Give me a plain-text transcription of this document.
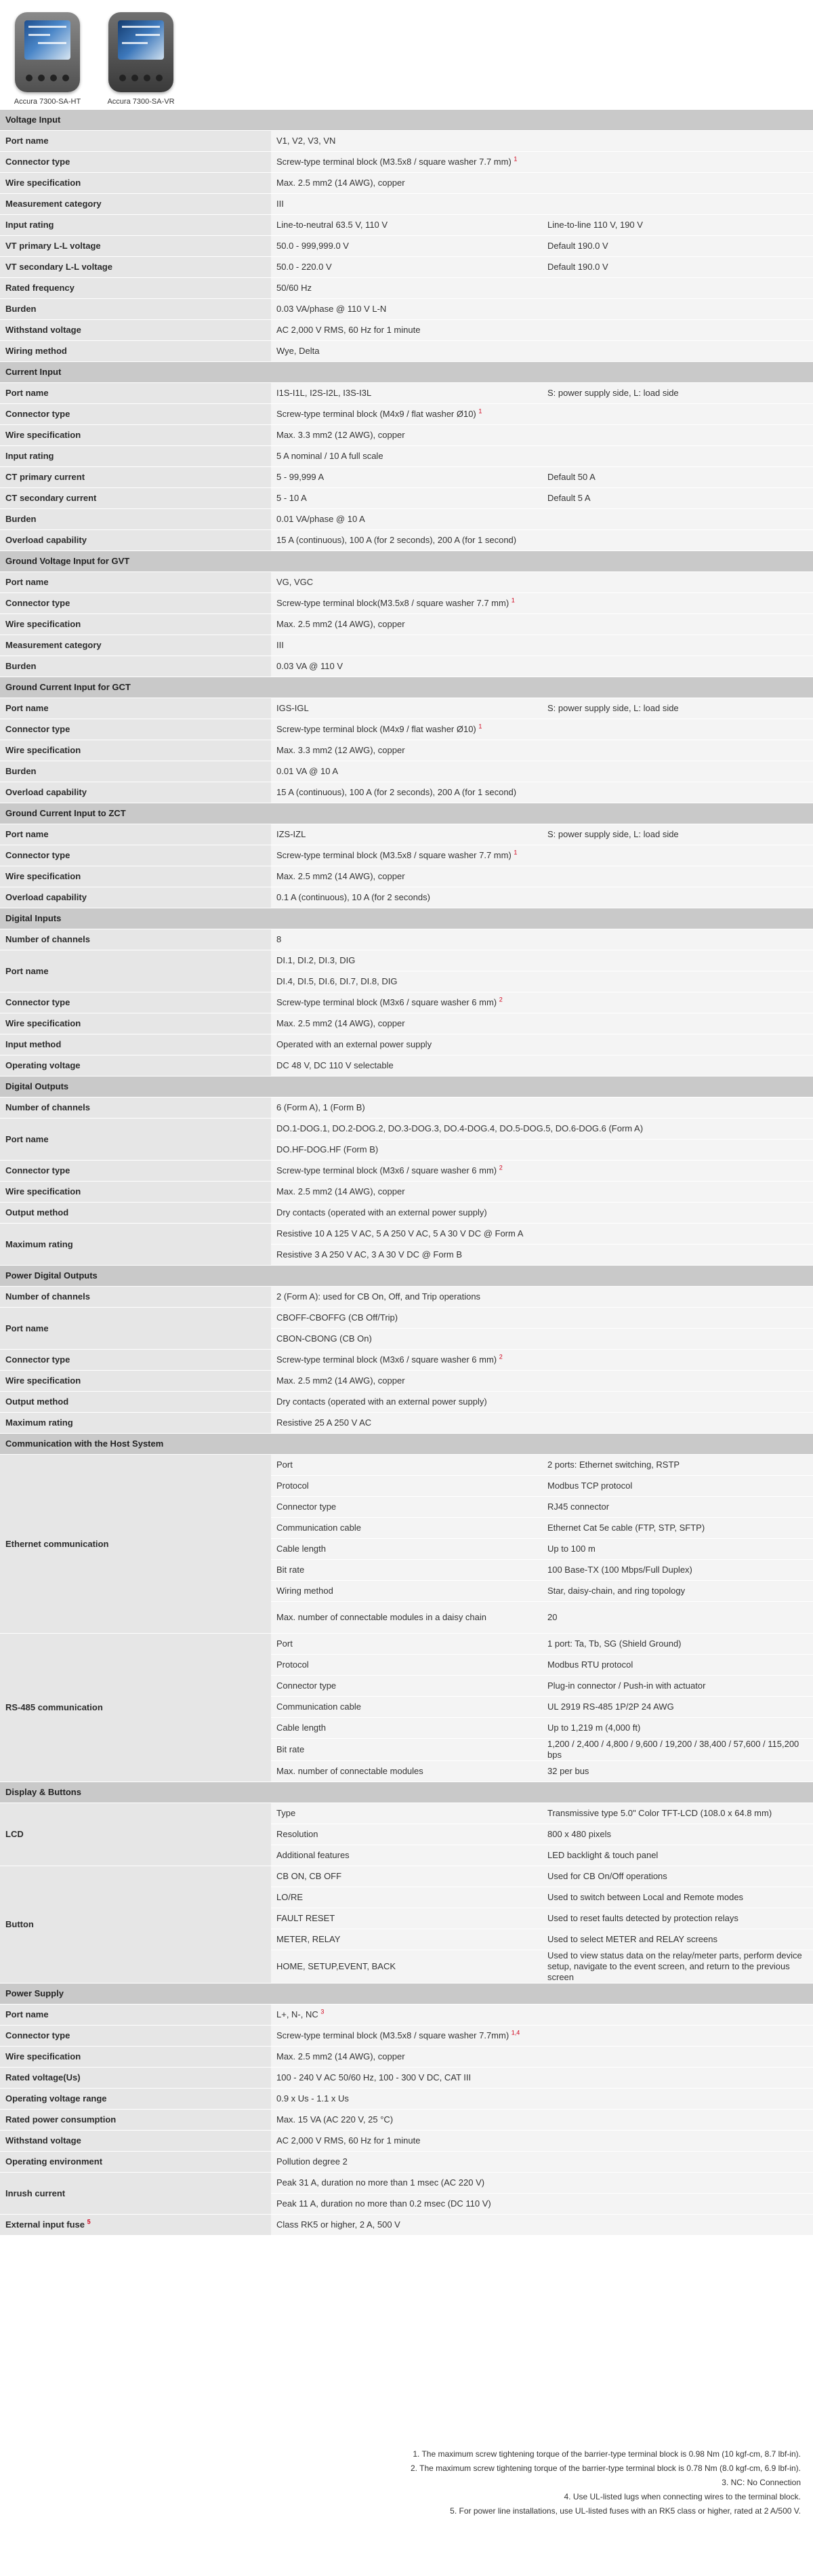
Accura 7300-SA-HT	Accura 7300-SA-VR
Voltage Input		
Port name	V1, V2, V3, VN	
Connector type	Screw-type terminal block (M3.5x8 / square washer 7.7 mm) $^1$
Wire specification	Max. 2.5 mm2 (14 AWG), copper	
Measurement category	III	
Input rating	Line-to-neutral 63.5 V, 110 V	Line-to-line 110 V, 190 V
VT primary L-L voltage	50.0 - 999,999.0 V	Default 190.0 V
VT secondary L-L voltage	50.0 - 220.0 V	Default 190.0 V
Rated frequency	50/60 Hz	
Burden	0.03 VA/phase @ 110 V L-N	
Withstand voltage	AC 2,000 V RMS, 60 Hz for 1 minute	
Wiring method	Wye, Delta	
Current Input		
Port name	I1S-I1L, I2S-I2L, I3S-I3L	S: power supply side, L: load side
Connector type	Screw-type terminal block (M4x9 / flat washer Ø10) $^1$
Wire specification	Max. 3.3 mm2 (12 AWG), copper	
Input rating	5 A nominal / 10 A full scale	
CT primary current	5 - 99,999 A	Default 50 A
CT secondary current	5 - 10 A	Default 5 A
Burden	0.01 VA/phase @ 10 A	
Overload capability	15 A (continuous), 100 A (for 2 seconds), 200 A (for 1 second)	
Ground Voltage Input for GVT		
Port name	VG, VGC	
Connector type	Screw-type terminal block(M3.5x8 / square washer 7.7 mm) $^1$
Wire specification	Max. 2.5 mm2 (14 AWG), copper	
Measurement category	III	
Burden	0.03 VA @ 110 V	
Ground Current Input for GCT		
Port name	IGS-IGL	S: power supply side, L: load side
Connector type	Screw-type terminal block (M4x9 / flat washer Ø10) $^1$
Wire specification	Max. 3.3 mm2 (12 AWG), copper	
Burden	0.01 VA @ 10 A	
Overload capability	15 A (continuous), 100 A (for 2 seconds), 200 A (for 1 second)	
Ground Current Input to ZCT		
Port name	IZS-IZL	S: power supply side, L: load side
Connector type	Screw-type terminal block (M3.5x8 / square washer 7.7 mm) $^1$
Wire specification	Max. 2.5 mm2 (14 AWG), copper	
Overload capability	0.1 A (continuous), 10 A (for 2 seconds)	
Digital Inputs		
Number of channels	8	
Port name	DI.1, DI.2, DI.3, DIG	
	DI.4, DI.5, DI.6, DI.7, DI.8, DIG	
Connector type	Screw-type terminal block (M3x6 / square washer 6 mm) $^2$
Wire specification	Max. 2.5 mm2 (14 AWG), copper	
Input method	Operated with an external power supply	
Operating voltage	DC 48 V, DC 110 V selectable	
Digital Outputs		
Number of channels	6 (Form A), 1 (Form B)	
Port name	DO.1-DOG.1, DO.2-DOG.2, DO.3-DOG.3, DO.4-DOG.4, DO.5-DOG.5, DO.6-DOG.6 (Form A)	
	DO.HF-DOG.HF (Form B)	
Connector type	Screw-type terminal block (M3x6 / square washer 6 mm) $^2$
Wire specification	Max. 2.5 mm2 (14 AWG), copper	
Output method	Dry contacts (operated with an external power supply)	
Maximum rating	Resistive 10 A 125 V AC, 5 A 250 V AC, 5 A 30 V DC @ Form A	
	Resistive 3 A 250 V AC, 3 A 30 V DC @ Form B	
Power Digital Outputs		
Number of channels	2 (Form A): used for CB On, Off, and Trip operations	
Port name	CBOFF-CBOFFG (CB Off/Trip)	
	CBON-CBONG (CB On)	
Connector type	Screw-type terminal block (M3x6 / square washer 6 mm) $^2$
Wire specification	Max. 2.5 mm2 (14 AWG), copper	
Output method	Dry contacts (operated with an external power supply)	
Maximum rating	Resistive 25 A 250 V AC	
Communication with the Host System		
Ethernet communication	Port	2 ports: Ethernet switching, RSTP
	Protocol	Modbus TCP protocol
	Connector type	RJ45 connector
	Communication cable	Ethernet Cat 5e cable (FTP, STP, SFTP)
	Cable length	Up to 100 m
	Bit rate	100 Base-TX (100 Mbps/Full Duplex)
	Wiring method	Star, daisy-chain, and ring topology
	Max. number of connectable modules in a daisy chain	20
RS-485 communication	Port	1 port: Ta, Tb, SG (Shield Ground)
	Protocol	Modbus RTU protocol
	Connector type	Plug-in connector / Push-in with actuator
	Communication cable	UL 2919 RS-485 1P/2P 24 AWG
	Cable length	Up to 1,219 m (4,000 ft)
	Bit rate	1,200 / 2,400 / 4,800 / 9,600 / 19,200 / 38,400 / 57,600 / 115,200 bps
	Max. number of connectable modules	32 per bus
Display & Buttons		
LCD	Type	Transmissive type 5.0" Color TFT-LCD (108.0 x 64.8 mm)
	Resolution	800 x 480 pixels
	Additional features	LED backlight & touch panel
Button	CB ON, CB OFF	Used for CB On/Off operations
	LO/RE	Used to switch between Local and Remote modes
	FAULT RESET	Used to reset faults detected by protection relays
	METER, RELAY	Used to select METER and RELAY screens
	HOME, SETUP,EVENT, BACK	Used to view status data on the relay/meter parts, perform device setup, navigate to the event screen, and return to the previous screen
Power Supply		
Port name	L+, N-, NC $^3$
Connector type	Screw-type terminal block (M3.5x8 / square washer 7.7mm) $^{1,4}$
Wire specification	Max. 2.5 mm2 (14 AWG), copper	
Rated voltage(Us)	100 - 240 V AC 50/60 Hz, 100 - 300 V DC, CAT III	
Operating voltage range	0.9 x Us - 1.1 x Us	
Rated power consumption	Max. 15 VA (AC 220 V, 25 °C)	
Withstand voltage	AC 2,000 V RMS, 60 Hz for 1 minute	
Operating environment	Pollution degree 2	
Inrush current	Peak 31 A, duration no more than 1 msec (AC 220 V)	
	Peak 11 A, duration no more than 0.2 msec (DC 110 V)	
External input fuse $^5$	Class RK5 or higher, 2 A, 500 V	
1. The maximum screw tightening torque of the barrier-type terminal block is 0.98 Nm (10 kgf-cm, 8.7 lbf-in).
2. The maximum screw tightening torque of the barrier-type terminal block is 0.78 Nm (8.0 kgf-cm, 6.9 lbf-in).
3. NC: No Connection
4. Use UL-listed lugs when connecting wires to the terminal block.
5. For power line installations, use UL-listed fuses with an RK5 class or higher, rated at 2 A/500 V.
